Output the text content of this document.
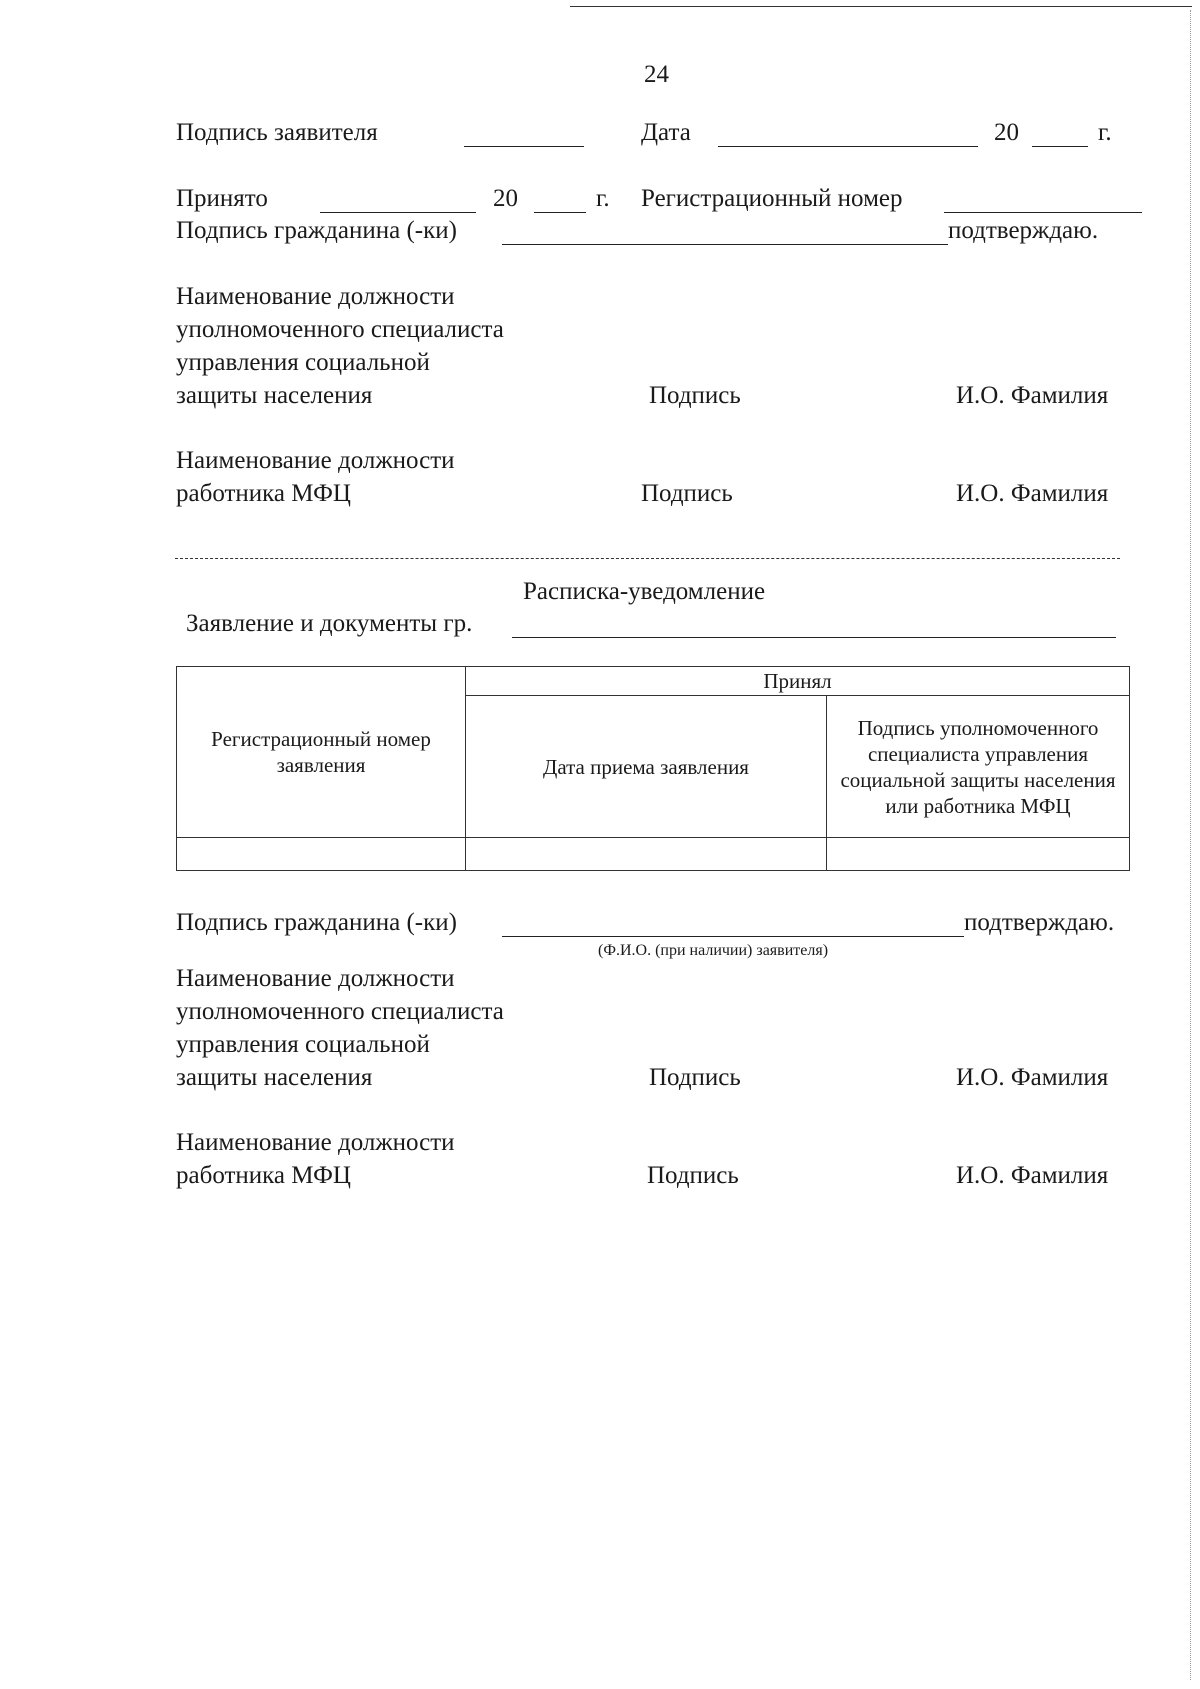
24
Подпись заявителя	Дата	20	г.
Принято	20	г. Регистрационный номер
Подпись гражданина (-ки)	подтверждаю.
Наименование должности
уполномоченного специалиста
управления социальной
защиты населения	Подпись	И.О. Фамилия
Наименование должности
работника МФЦ	Подпись	И.О. Фамилия
Расписка-уведомление
Заявление и документы гр.
Регистрационный номер заявления	Принял	
	Дата приема заявления	Подпись уполномоченного специалиста управления социальной защиты населения или работника МФЦ

Подпись гражданина (-ки)	подтверждаю.
(Ф.И.О. (при наличии) заявителя)
Наименование должности
уполномоченного специалиста
управления социальной
защиты населения	Подпись	И.О. Фамилия
Наименование должности
работника МФЦ	Подпись	И.О. Фамилия
